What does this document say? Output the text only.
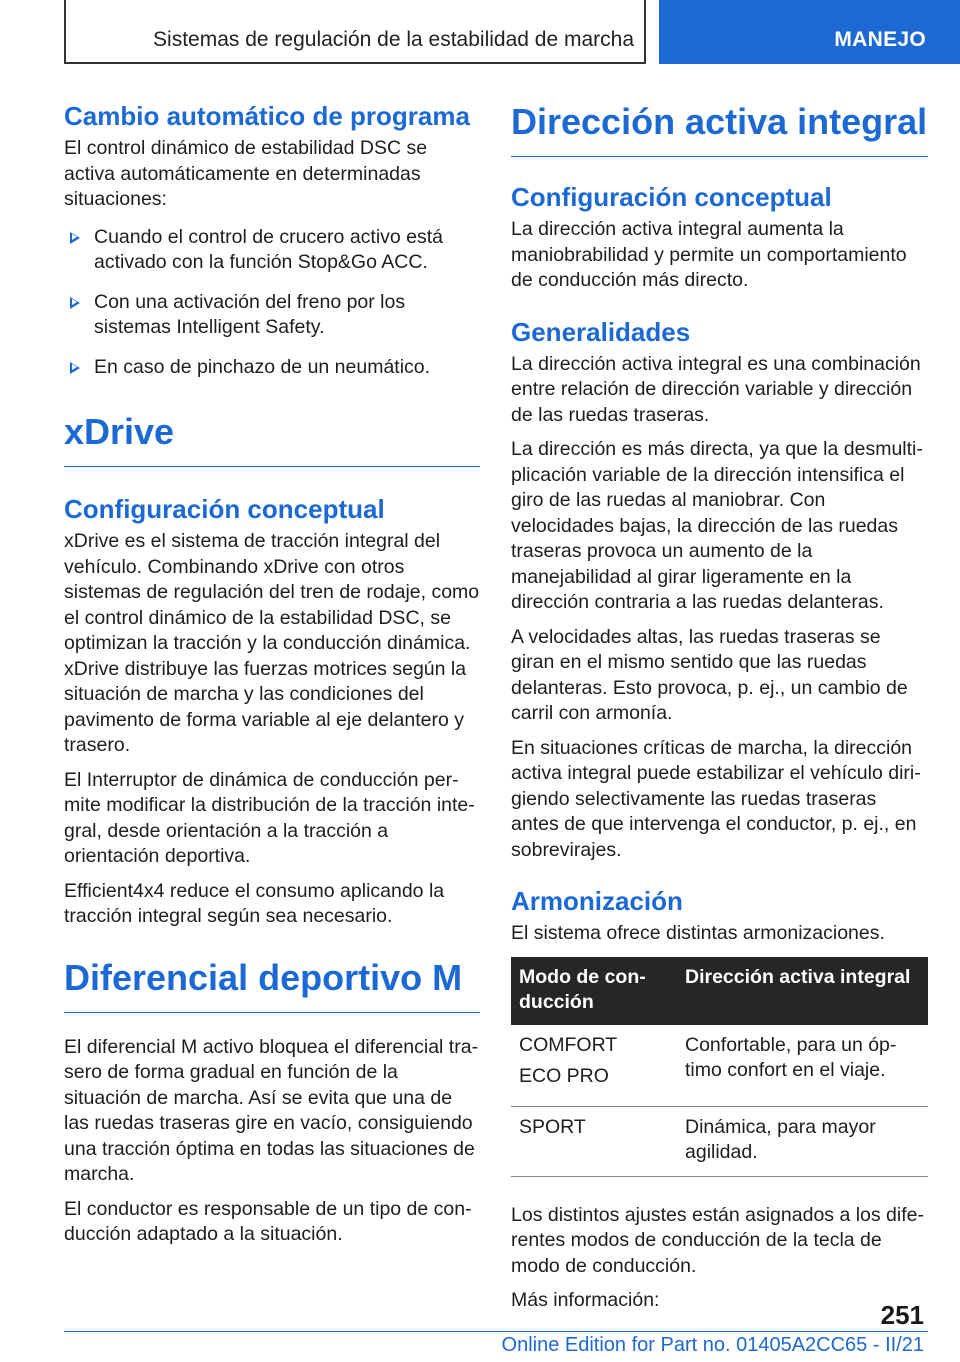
Sistemas de regulación de la estabilidad de marcha	MANEJO
Cambio automático de programa

El control dinámico de estabilidad DSC se activa automáticamente en determinadas situaciones:

Cuando el control de crucero activo está activado con la función Stop&Go ACC.
Con una activación del freno por los sistemas Intelligent Safety.
En caso de pinchazo de un neumático.
xDrive
Configuración conceptual

xDrive es el sistema de tracción integral del vehículo. Combinando xDrive con otros sistemas de regulación del tren de rodaje, como el control dinámico de la estabilidad DSC, se optimizan la tracción y la conducción dinámica. xDrive distribuye las fuerzas motrices según la situación de marcha y las condiciones del pavimento de forma variable al eje delantero y trasero.

El Interruptor de dinámica de conducción permite modificar la distribución de la tracción integral, desde orientación a la tracción a orientación deportiva.

Efficient4x4 reduce el consumo aplicando la tracción integral según sea necesario.

Diferencial deportivo M

El diferencial M activo bloquea el diferencial trasero de forma gradual en función de la situación de marcha. Así se evita que una de las ruedas traseras gire en vacío, consiguiendo una tracción óptima en todas las situaciones de marcha.

El conductor es responsable de un tipo de conducción adaptado a la situación.

Dirección activa integral
Configuración conceptual

La dirección activa integral aumenta la maniobrabilidad y permite un comportamiento de conducción más directo.

Generalidades

La dirección activa integral es una combinación entre relación de dirección variable y dirección de las ruedas traseras.

La dirección es más directa, ya que la desmultiplicación variable de la dirección intensifica el giro de las ruedas al maniobrar. Con velocidades bajas, la dirección de las ruedas traseras provoca un aumento de la manejabilidad al girar ligeramente en la dirección contraria a las ruedas delanteras.

A velocidades altas, las ruedas traseras se giran en el mismo sentido que las ruedas delanteras. Esto provoca, p. ej., un cambio de carril con armonía.

En situaciones críticas de marcha, la dirección activa integral puede estabilizar el vehículo dirigiendo selectivamente las ruedas traseras antes de que intervenga el conductor, p. ej., en sobrevirajes.

Armonización

El sistema ofrece distintas armonizaciones.

Modo de conducción	Dirección activa integral

COMFORT
ECO PRO	Confortable, para un óptimo confort en el viaje.

SPORT	Dinámica, para mayor agilidad.

Los distintos ajustes están asignados a los diferentes modos de conducción de la tecla de modo de conducción.

Más información:	251
Online Edition for Part no. 01405A2CC65 - II/21
